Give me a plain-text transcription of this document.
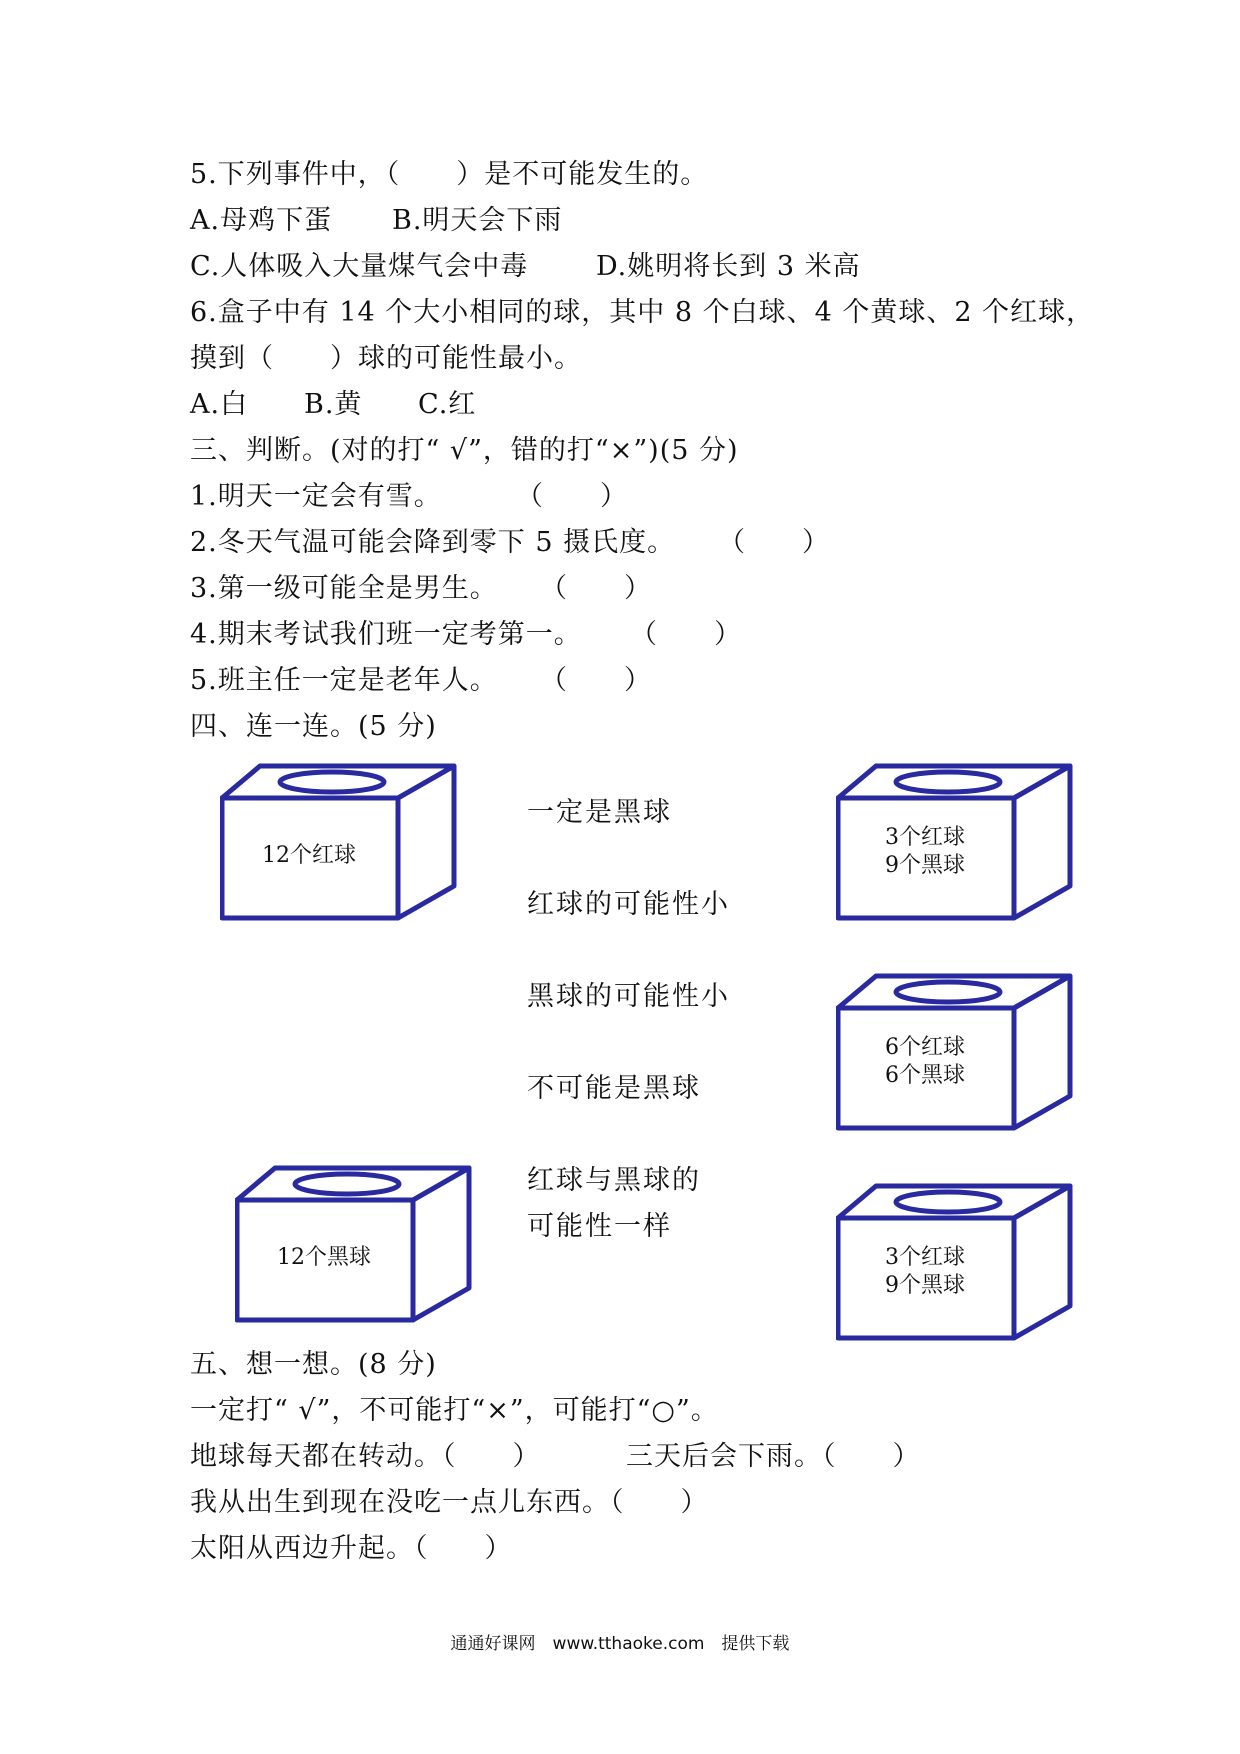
5.下列事件中，（　　）是不可能发生的。
A.母鸡下蛋 B.明天会下雨
C.人体吸入大量煤气会中毒	D.姚明将长到 3 米高
6.盒子中有 14 个大小相同的球，其中 8 个白球、4 个黄球、2 个红球，
摸到（　　）球的可能性最小。
A.白 B.黄 C.红
三、判断。(对的打“ √”，错的打“×”)(5 分)
1.明天一定会有雪。	（　　）
2.冬天气温可能会降到零下 5 摄氏度。 （　　）
3.第一级可能全是男生。 （　　）
4.期末考试我们班一定考第一。 （　　）
5.班主任一定是老年人。 （　　）
四、连一连。(5 分)
12个红球
12个黑球
一定是黑球
红球的可能性小
黑球的可能性小
不可能是黑球
红球与黑球的
可能性一样
3个红球
9个黑球
6个红球
6个黑球
3个红球
9个黑球
五、想一想。(8 分)
一定打“ √”，不可能打“×”，可能打“○”。
地球每天都在转动。（　　）	三天后会下雨。（　　）
我从出生到现在没吃一点儿东西。（　　）
太阳从西边升起。（　　）
通通好课网　www.tthaoke.com　提供下载
